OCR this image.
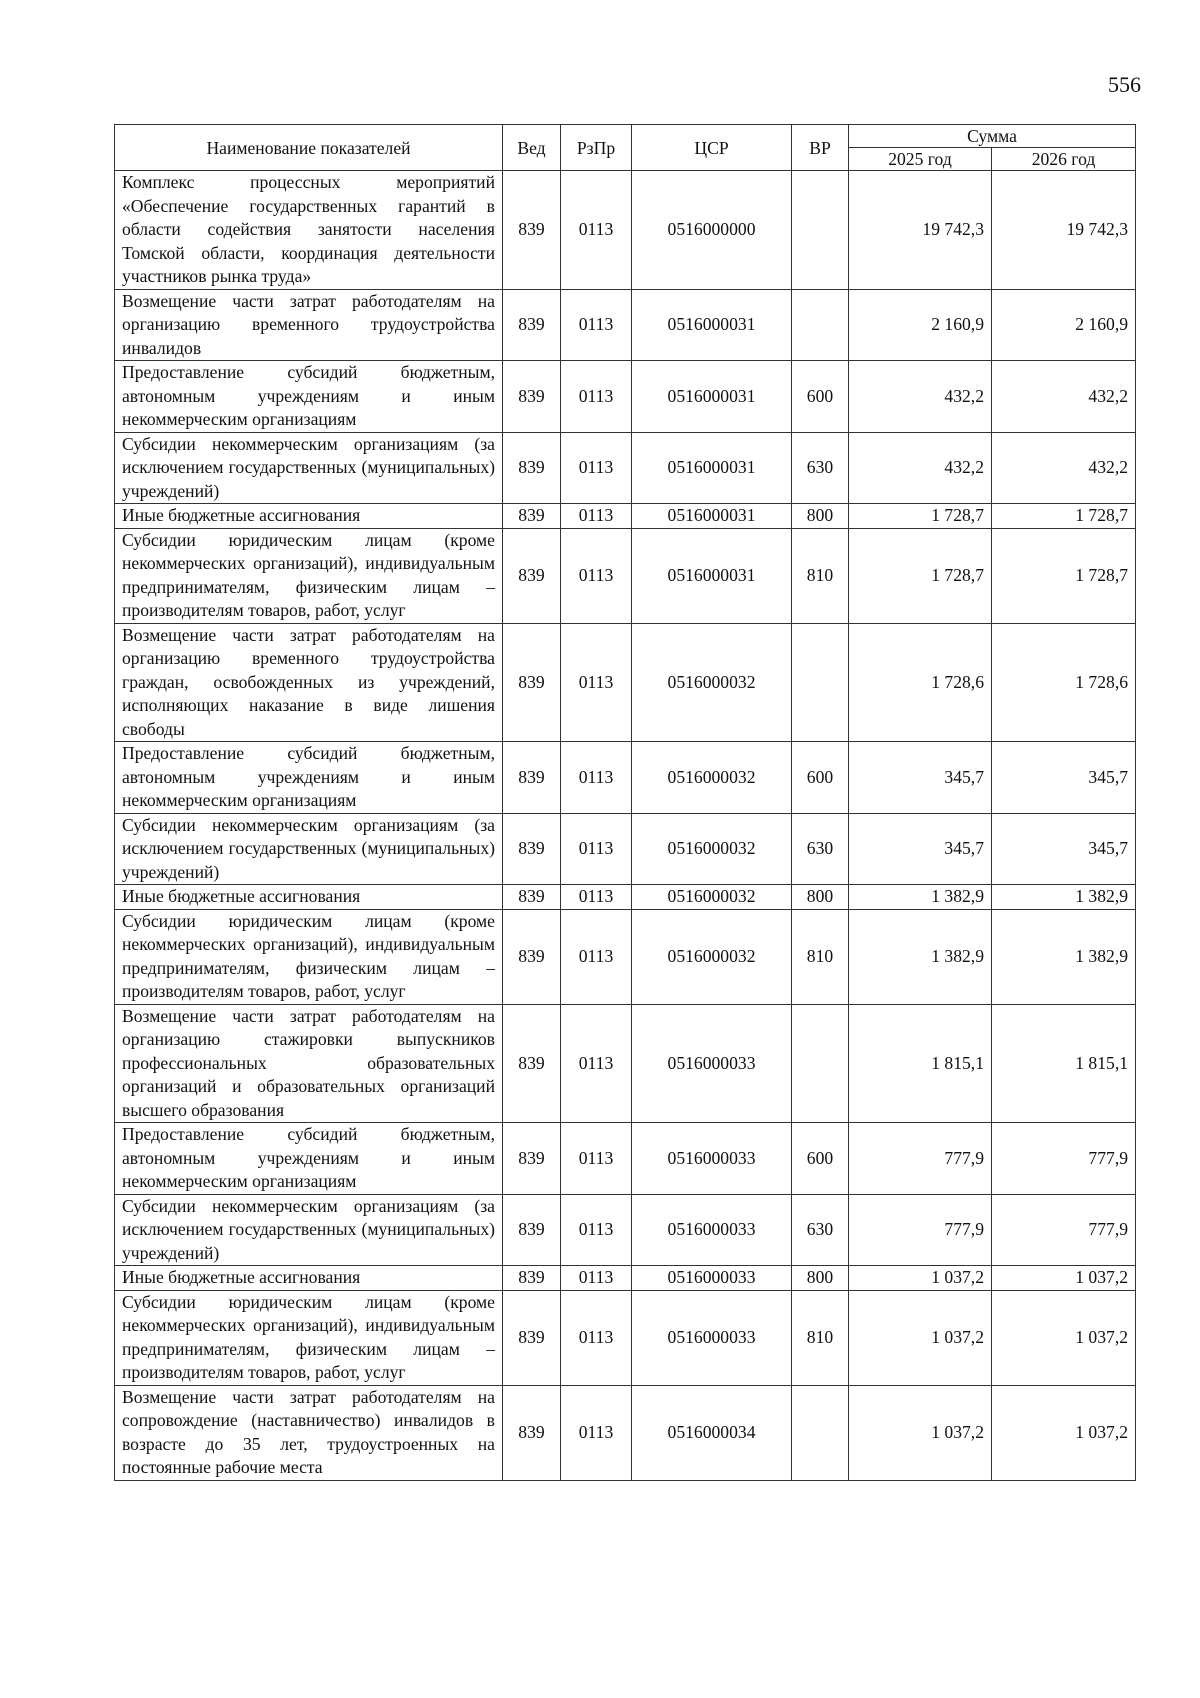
556
Наименование показателей	Вед	РзПр	ЦСР	ВР	Сумма	
					2025 год	2026 год
Комплекс процессных мероприятий «Обеспечение государственных гарантий в области содействия занятости населения Томской области, координация деятельности участников рынка труда»	839	0113	0516000000		19 742,3	19 742,3
Возмещение части затрат работодателям на организацию временного трудоустройства инвалидов	839	0113	0516000031		2 160,9	2 160,9
Предоставление субсидий бюджетным, автономным учреждениям и иным некоммерческим организациям	839	0113	0516000031	600	432,2	432,2
Субсидии некоммерческим организациям (за исключением государственных (муниципальных) учреждений)	839	0113	0516000031	630	432,2	432,2
Иные бюджетные ассигнования	839	0113	0516000031	800	1 728,7	1 728,7
Субсидии юридическим лицам (кроме некоммерческих организаций), индивидуальным предпринимателям, физическим лицам – производителям товаров, работ, услуг	839	0113	0516000031	810	1 728,7	1 728,7
Возмещение части затрат работодателям на организацию временного трудоустройства граждан, освобожденных из учреждений, исполняющих наказание в виде лишения свободы	839	0113	0516000032		1 728,6	1 728,6
Предоставление субсидий бюджетным, автономным учреждениям и иным некоммерческим организациям	839	0113	0516000032	600	345,7	345,7
Субсидии некоммерческим организациям (за исключением государственных (муниципальных) учреждений)	839	0113	0516000032	630	345,7	345,7
Иные бюджетные ассигнования	839	0113	0516000032	800	1 382,9	1 382,9
Субсидии юридическим лицам (кроме некоммерческих организаций), индивидуальным предпринимателям, физическим лицам – производителям товаров, работ, услуг	839	0113	0516000032	810	1 382,9	1 382,9
Возмещение части затрат работодателям на организацию стажировки выпускников профессиональных образовательных организаций и образовательных организаций высшего образования	839	0113	0516000033		1 815,1	1 815,1
Предоставление субсидий бюджетным, автономным учреждениям и иным некоммерческим организациям	839	0113	0516000033	600	777,9	777,9
Субсидии некоммерческим организациям (за исключением государственных (муниципальных) учреждений)	839	0113	0516000033	630	777,9	777,9
Иные бюджетные ассигнования	839	0113	0516000033	800	1 037,2	1 037,2
Субсидии юридическим лицам (кроме некоммерческих организаций), индивидуальным предпринимателям, физическим лицам – производителям товаров, работ, услуг	839	0113	0516000033	810	1 037,2	1 037,2
Возмещение части затрат работодателям на сопровождение (наставничество) инвалидов в возрасте до 35 лет, трудоустроенных на постоянные рабочие места	839	0113	0516000034		1 037,2	1 037,2
